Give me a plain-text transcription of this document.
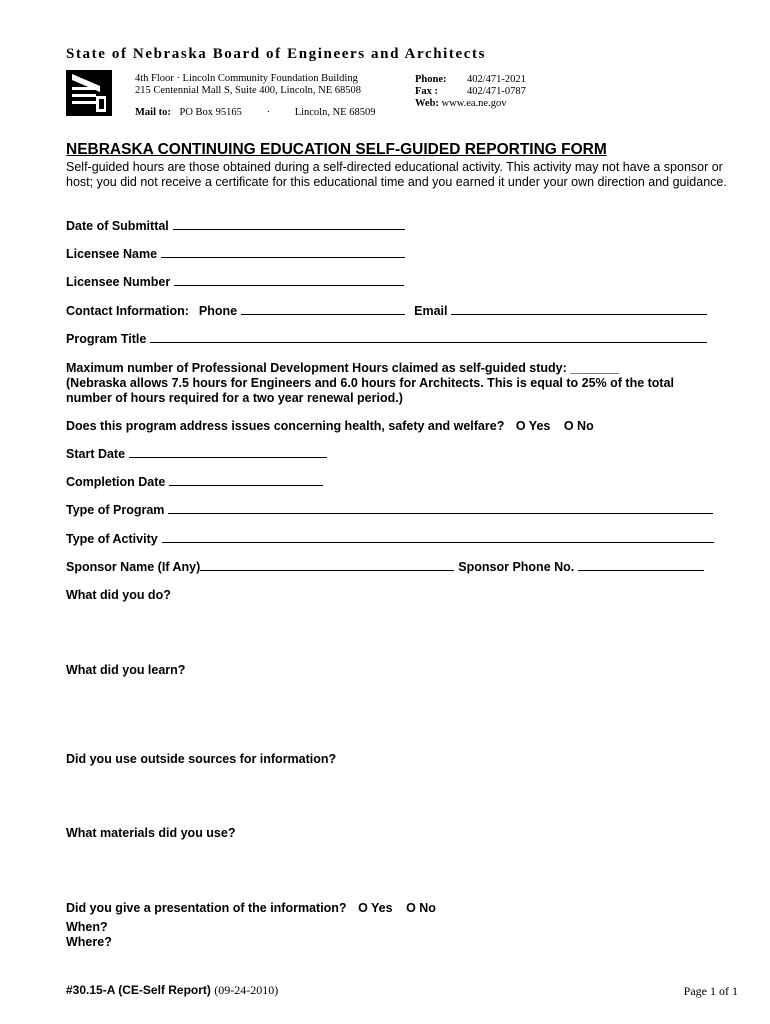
State of Nebraska Board of Engineers and Architects
4th Floor · Lincoln Community Foundation Building
215 Centennial Mall S, Suite 400, Lincoln, NE 68508
Mail to: PO Box 95165 · Lincoln, NE 68509
Phone: 402/471-2021
Fax :	402/471-0787
Web: www.ea.ne.gov
NEBRASKA CONTINUING EDUCATION SELF-GUIDED REPORTING FORM
Self-guided hours are those obtained during a self-directed educational activity. This activity may not have a sponsor or host; you did not receive a certificate for this educational time and you earned it under your own direction and guidance.
Date of Submittal
Licensee Name
Licensee Number
Contact Information: Phone	Email
Program Title
Maximum number of Professional Development Hours claimed as self-guided study: _______
(Nebraska allows 7.5 hours for Engineers and 6.0 hours for Architects. This is equal to 25% of the total
number of hours required for a two year renewal period.)
Does this program address issues concerning health, safety and welfare? O Yes O No
Start Date
Completion Date
Type of Program
Type of Activity
Sponsor Name (If Any)	Sponsor Phone No.
What did you do?
What did you learn?
Did you use outside sources for information?
What materials did you use?
Did you give a presentation of the information? O Yes O No
When?
Where?
#30.15-A (CE-Self Report) (09-24-2010)	Page 1 of 1
